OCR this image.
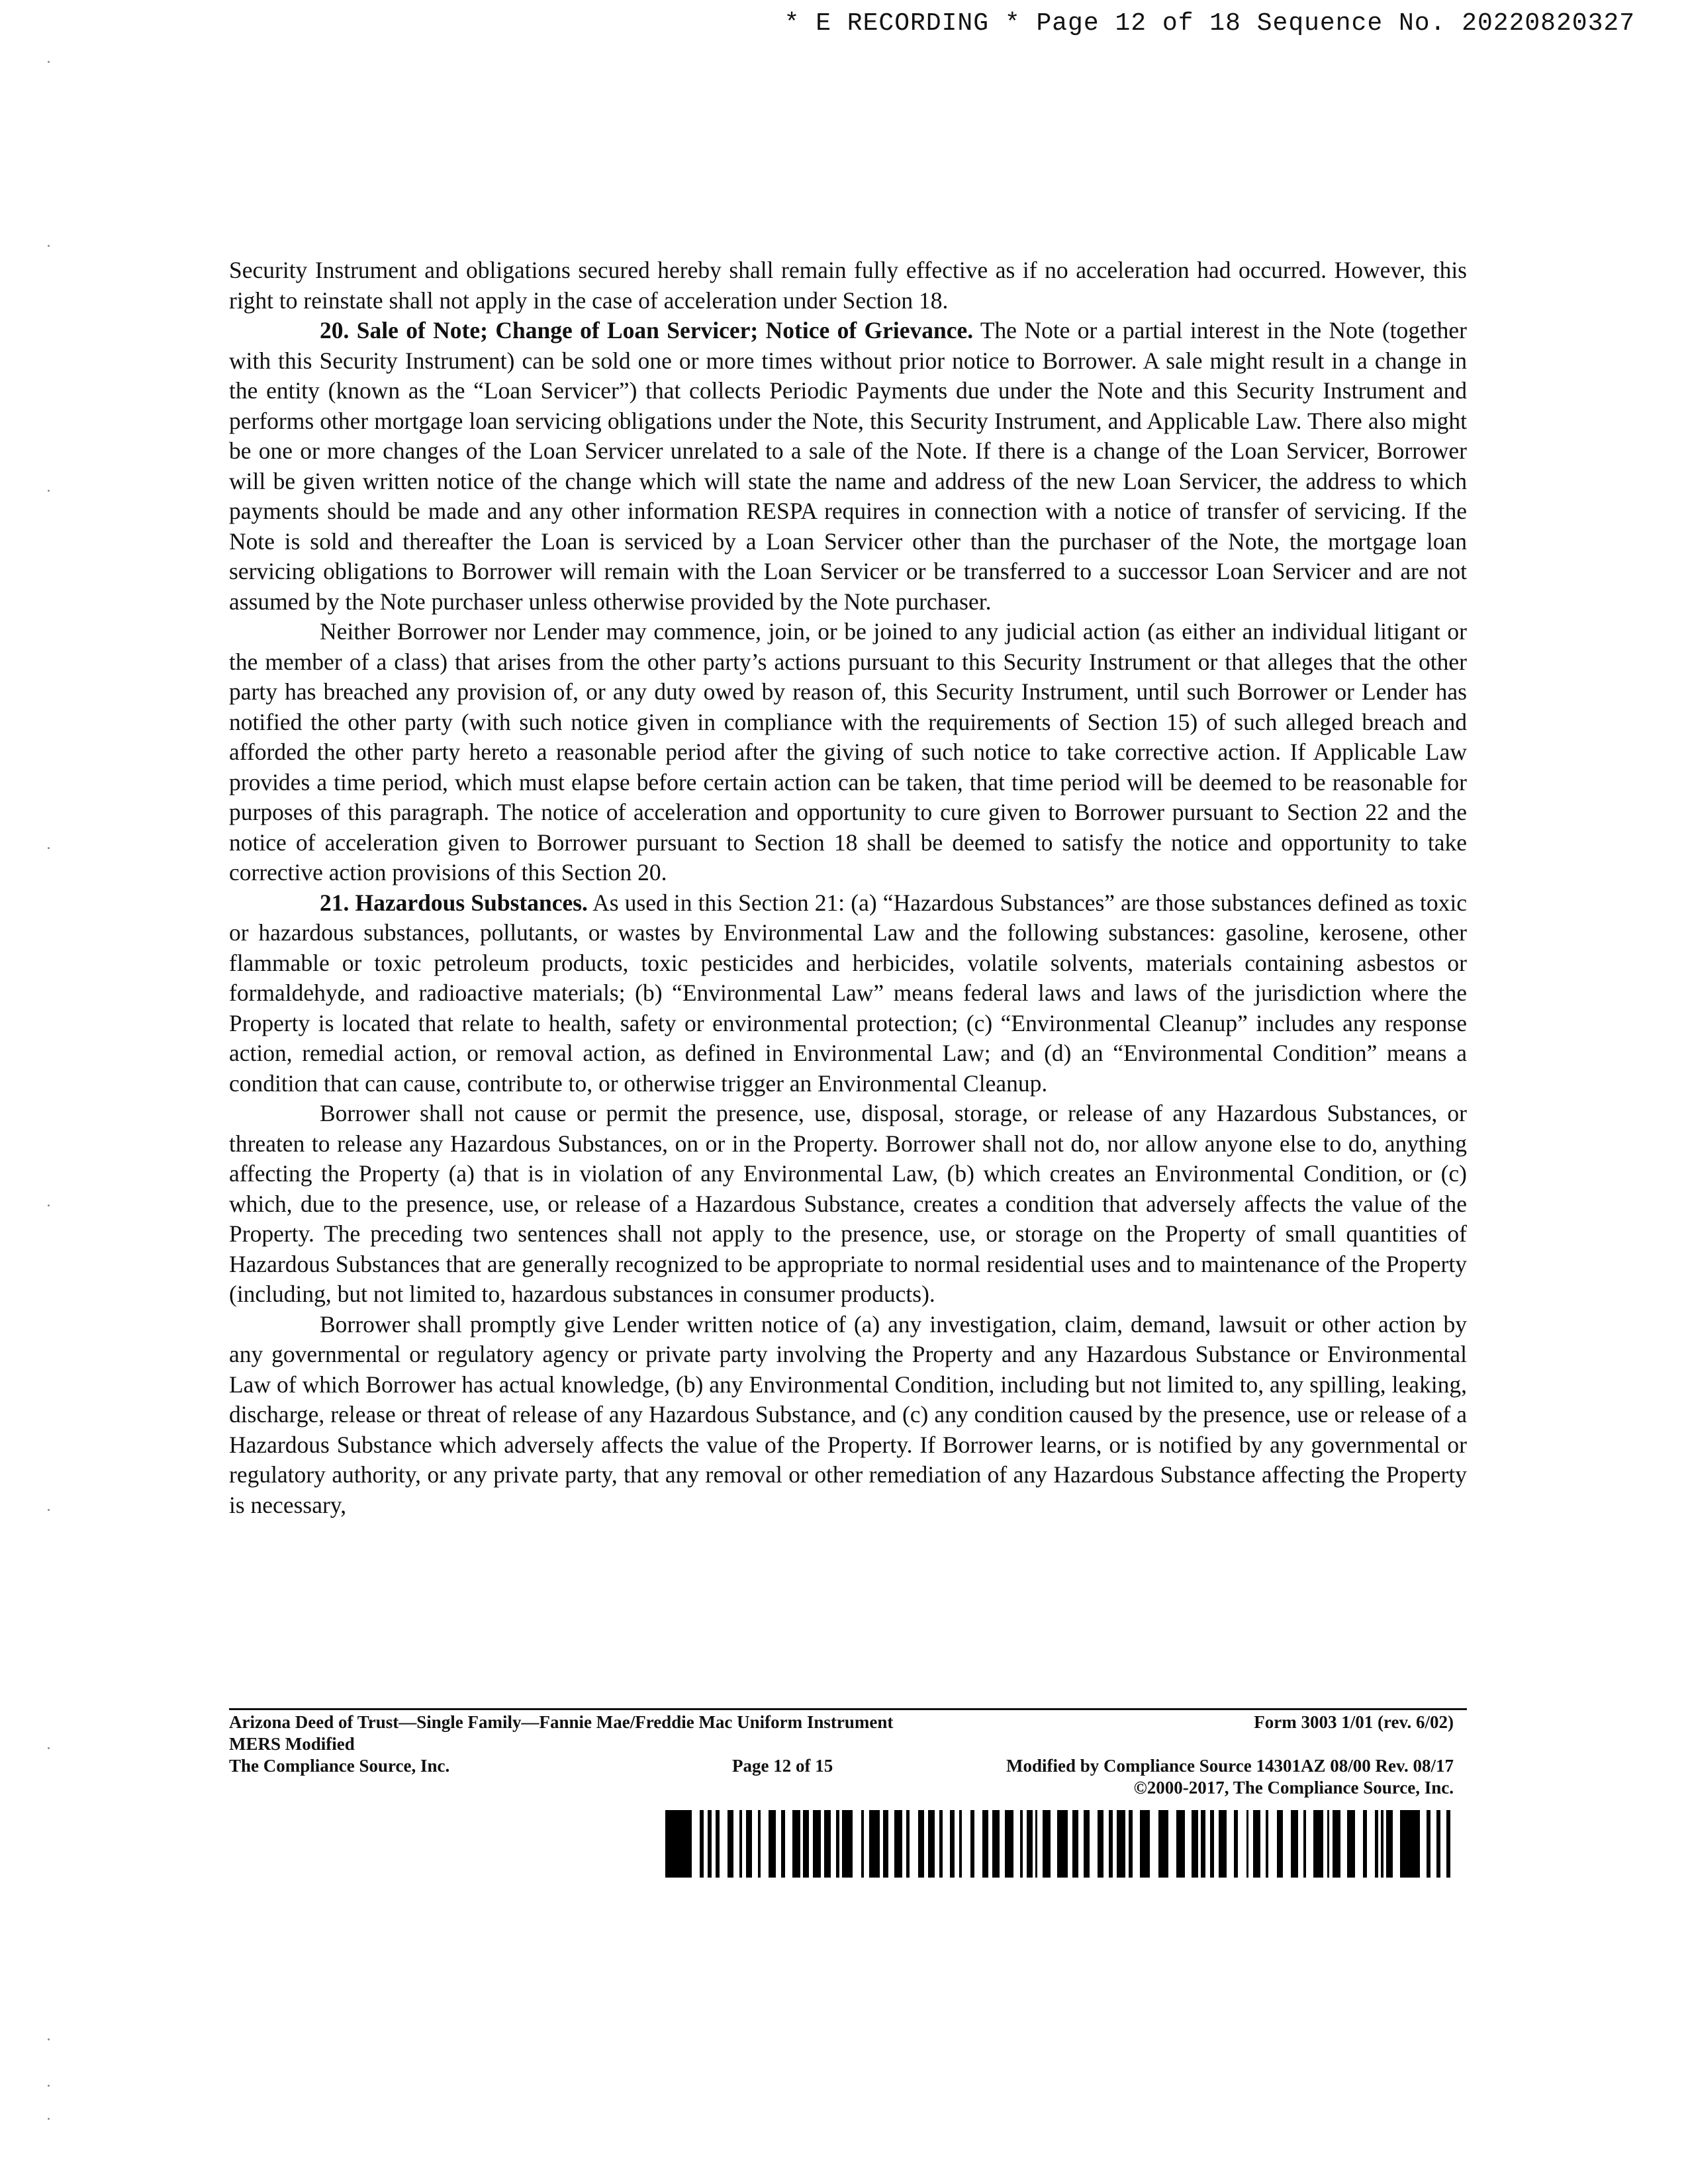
* E RECORDING * Page 12 of 18 Sequence No. 20220820327

Security Instrument and obligations secured hereby shall remain fully effective as if no acceleration had occurred. However, this right to reinstate shall not apply in the case of acceleration under Section 18.

20. Sale of Note; Change of Loan Servicer; Notice of Grievance. The Note or a partial interest in the Note (together with this Security Instrument) can be sold one or more times without prior notice to Borrower. A sale might result in a change in the entity (known as the “Loan Servicer”) that collects Periodic Payments due under the Note and this Security Instrument and performs other mortgage loan servicing obligations under the Note, this Security Instrument, and Applicable Law. There also might be one or more changes of the Loan Servicer unrelated to a sale of the Note. If there is a change of the Loan Servicer, Borrower will be given written notice of the change which will state the name and address of the new Loan Servicer, the address to which payments should be made and any other information RESPA requires in connection with a notice of transfer of servicing. If the Note is sold and thereafter the Loan is serviced by a Loan Servicer other than the purchaser of the Note, the mortgage loan servicing obligations to Borrower will remain with the Loan Servicer or be transferred to a successor Loan Servicer and are not assumed by the Note purchaser unless otherwise provided by the Note purchaser.

Neither Borrower nor Lender may commence, join, or be joined to any judicial action (as either an individual litigant or the member of a class) that arises from the other party’s actions pursuant to this Security Instrument or that alleges that the other party has breached any provision of, or any duty owed by reason of, this Security Instrument, until such Borrower or Lender has notified the other party (with such notice given in compliance with the requirements of Section 15) of such alleged breach and afforded the other party hereto a reasonable period after the giving of such notice to take corrective action. If Applicable Law provides a time period, which must elapse before certain action can be taken, that time period will be deemed to be reasonable for purposes of this paragraph. The notice of acceleration and opportunity to cure given to Borrower pursuant to Section 22 and the notice of acceleration given to Borrower pursuant to Section 18 shall be deemed to satisfy the notice and opportunity to take corrective action provisions of this Section 20.

21. Hazardous Substances. As used in this Section 21: (a) “Hazardous Substances” are those substances defined as toxic or hazardous substances, pollutants, or wastes by Environmental Law and the following substances: gasoline, kerosene, other flammable or toxic petroleum products, toxic pesticides and herbicides, volatile solvents, materials containing asbestos or formaldehyde, and radioactive materials; (b) “Environmental Law” means federal laws and laws of the jurisdiction where the Property is located that relate to health, safety or environmental protection; (c) “Environmental Cleanup” includes any response action, remedial action, or removal action, as defined in Environmental Law; and (d) an “Environmental Condition” means a condition that can cause, contribute to, or otherwise trigger an Environmental Cleanup.

Borrower shall not cause or permit the presence, use, disposal, storage, or release of any Hazardous Substances, or threaten to release any Hazardous Substances, on or in the Property. Borrower shall not do, nor allow anyone else to do, anything affecting the Property (a) that is in violation of any Environmental Law, (b) which creates an Environmental Condition, or (c) which, due to the presence, use, or release of a Hazardous Substance, creates a condition that adversely affects the value of the Property. The preceding two sentences shall not apply to the presence, use, or storage on the Property of small quantities of Hazardous Substances that are generally recognized to be appropriate to normal residential uses and to maintenance of the Property (including, but not limited to, hazardous substances in consumer products).

Borrower shall promptly give Lender written notice of (a) any investigation, claim, demand, lawsuit or other action by any governmental or regulatory agency or private party involving the Property and any Hazardous Substance or Environmental Law of which Borrower has actual knowledge, (b) any Environmental Condition, including but not limited to, any spilling, leaking, discharge, release or threat of release of any Hazardous Substance, and (c) any condition caused by the presence, use or release of a Hazardous Substance which adversely affects the value of the Property. If Borrower learns, or is notified by any governmental or regulatory authority, or any private party, that any removal or other remediation of any Hazardous Substance affecting the Property is necessary,

Arizona Deed of Trust—Single Family—Fannie Mae/Freddie Mac Uniform Instrument	Form 3003 1/01 (rev. 6/02)
MERS Modified
The Compliance Source, Inc.	Page 12 of 15	Modified by Compliance Source 14301AZ 08/00 Rev. 08/17
©2000-2017, The Compliance Source, Inc.
